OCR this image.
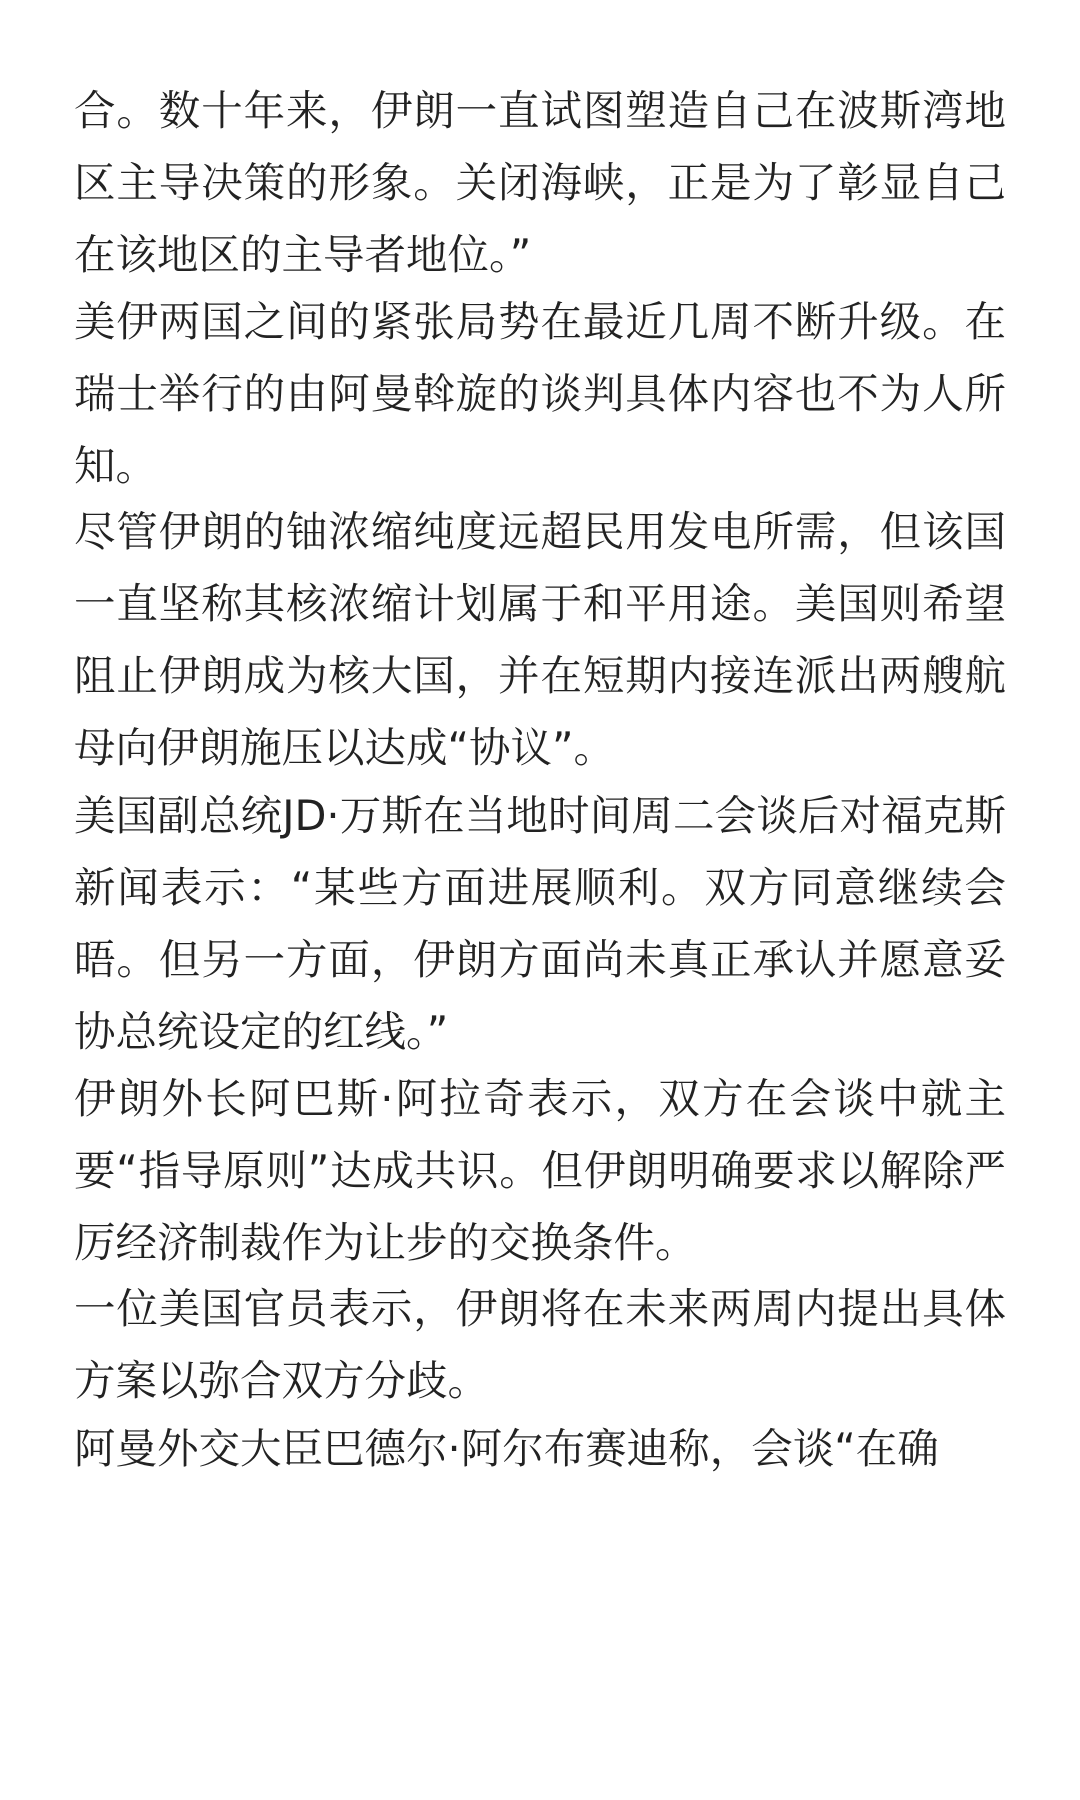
合。数十年来，伊朗一直试图塑造自己在波斯湾地区主导决策的形象。关闭海峡，正是为了彰显自己在该地区的主导者地位。”

美伊两国之间的紧张局势在最近几周不断升级。在瑞士举行的由阿曼斡旋的谈判具体内容也不为人所知。

尽管伊朗的铀浓缩纯度远超民用发电所需，但该国一直坚称其核浓缩计划属于和平用途。美国则希望阻止伊朗成为核大国，并在短期内接连派出两艘航母向伊朗施压以达成“协议”。

美国副总统JD·万斯在当地时间周二会谈后对福克斯新闻表示：“某些方面进展顺利。双方同意继续会晤。但另一方面，伊朗方面尚未真正承认并愿意妥协总统设定的红线。”

伊朗外长阿巴斯·阿拉奇表示，双方在会谈中就主要“指导原则”达成共识。但伊朗明确要求以解除严厉经济制裁作为让步的交换条件。

一位美国官员表示，伊朗将在未来两周内提出具体方案以弥合双方分歧。

阿曼外交大臣巴德尔·阿尔布赛迪称，会谈“在确
